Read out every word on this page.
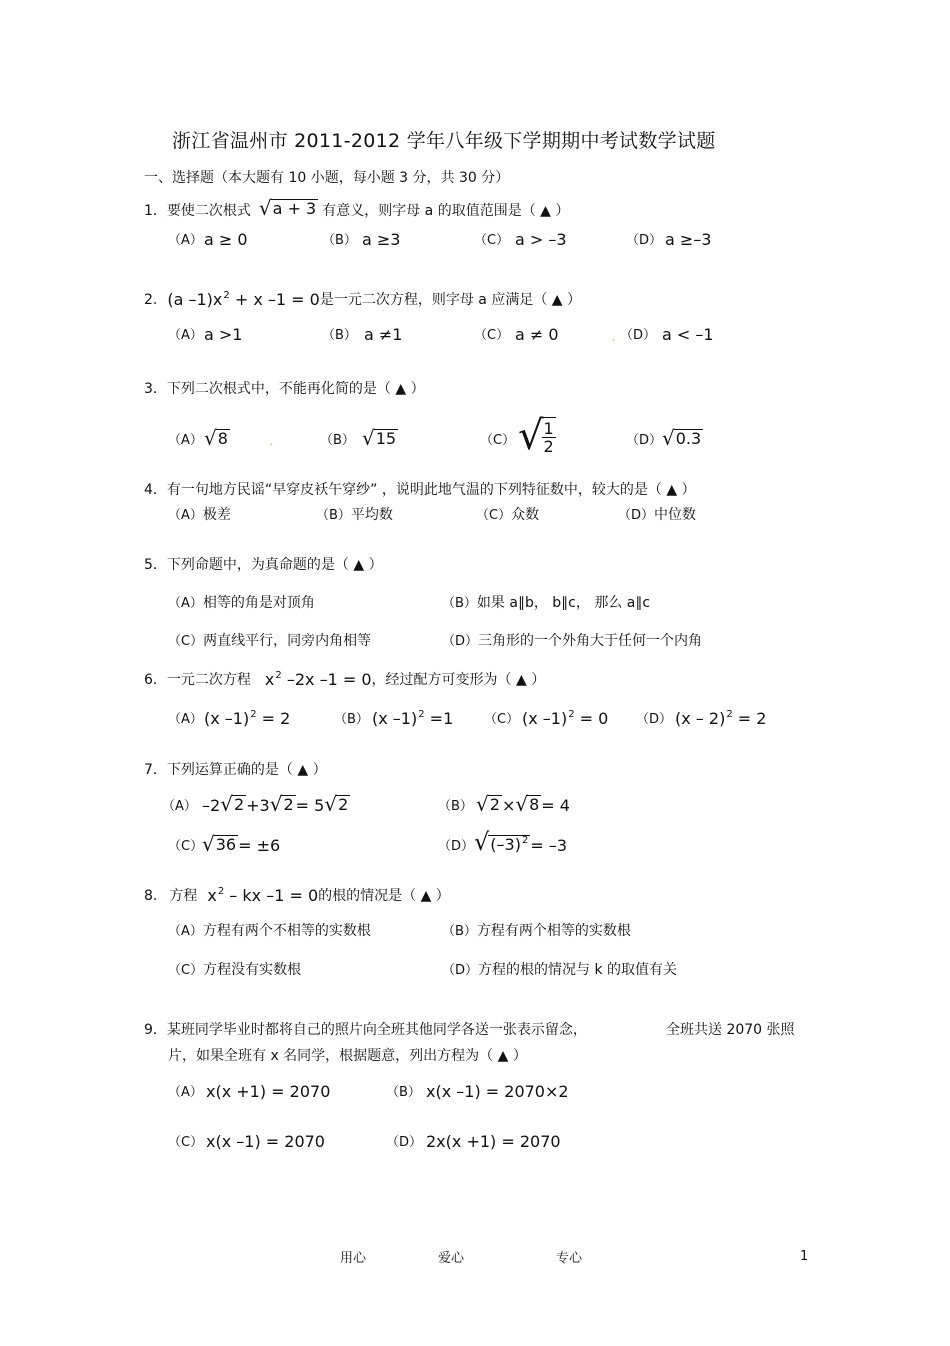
浙江省温州市 2011-2012 学年八年级下学期期中考试数学试题
一、选择题（本大题有 10 小题，每小题 3 分，共 30 分）
1． 要使二次根式 √ a + 3 有意义，则字母 a 的取值范围是（ ▲ ）
（A） a ≥ 0	（B） a ≥3	（C） a > –3	（D） a ≥–3
2. (a $-1)x^2 + x$ –1 = 0 是一元二次方程，则字母 a 应满足（ ▲ ）
（A） a >1	（B） a ≠1	（C） a ≠ 0	. （D） a < –1
3．下列二次根式中，不能再化简的是（ ▲ ）
（A） √ 8	.	（B） √ 15	（C） √
$\frac{1}{2}$	（D） √ 0.3
4．有一句地方民谣“早穿皮袄午穿纱” ，说明此地气温的下列特征数中，较大的是（ ▲ ）
（A）极差	（B）平均数	（C）众数	（D）中位数
5．下列命题中，为真命题的是（ ▲ ）
（A）相等的角是对顶角	（B）如果 a∥b， b∥c， 那么 a∥c
（C）两直线平行，同旁内角相等	（D）三角形的一个外角大于任何一个内角
6． 一元二次方程 $x^2$ –2x –1 = 0 ，经过配方可变形为（ ▲ ）
（A） (x –1)$^2$ = 2	（B） (x –1)$^2$ =1 （C） (x –1)$^2$ = 0 （D） (x – 2)$^2$ = 2
7．下列运算正确的是（ ▲ ）
（A） –2 √ 2 +3 √ 2 = 5 √ 2	（B） √ 2 × √ 8 = 4
（C）
√ 36 = ±6	（D） √ $(-3)^2 = -3$
8. 方程 $x^2$ – kx –1 = 0 的根的情况是（ ▲ ）
（A）方程有两个不相等的实数根	（B）方程有两个相等的实数根
（C）方程没有实数根	（D）方程的根的情况与 k 的取值有关
9．某班同学毕业时都将自己的照片向全班其他同学各送一张表示留念，	全班共送 2070 张照
片，如果全班有 x 名同学，根据题意，列出方程为（ ▲ ）
（A） x(x +1) = 2070	（B） x(x –1) = 2070×2
（C） x(x –1) = 2070	（D） 2x(x +1) = 2070
用心	爱心	专心	1
